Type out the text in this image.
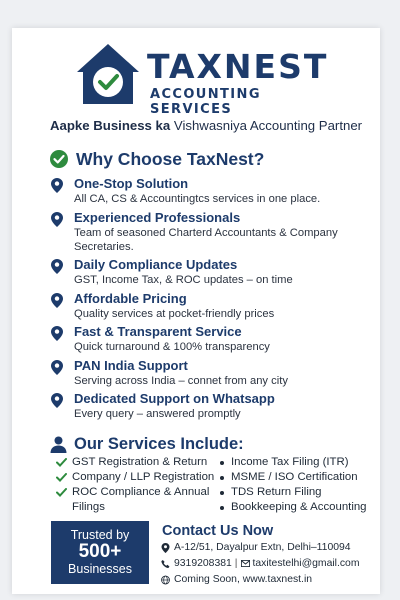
TAXNEST
ACCOUNTING SERVICES
Aapke Business ka Vishwasniya Accounting Partner
Why Choose TaxNest?
One-Stop Solution
All CA, CS & Accountingtcs services in one place.
Experienced Professionals
Team of seasoned Charterd Accountants & Company Secretaries.
Daily Compliance Updates
GST, Income Tax, & ROC updates – on time
Affordable Pricing
Quality services at pocket-friendly prices
Fast & Transparent Service
Quick turnaround & 100% transparency
PAN India Support
Serving across India – connet from any city
Dedicated Support on Whatsapp
Every query – answered promptly
Our Services Include:
GST Registration & Return
Company / LLP Registration
ROC Compliance & Annual
Filings
Income Tax Filing (ITR)
MSME / ISO Certification
TDS Return Filing
Bookkeeping & Accounting
Trusted by
500+
Businesses
Contact Us Now
A-12/51, Dayalpur Extn, Delhi–110094
9319208381 | taxitestelhi@gmail.com
Coming Soon, www.taxnest.in
